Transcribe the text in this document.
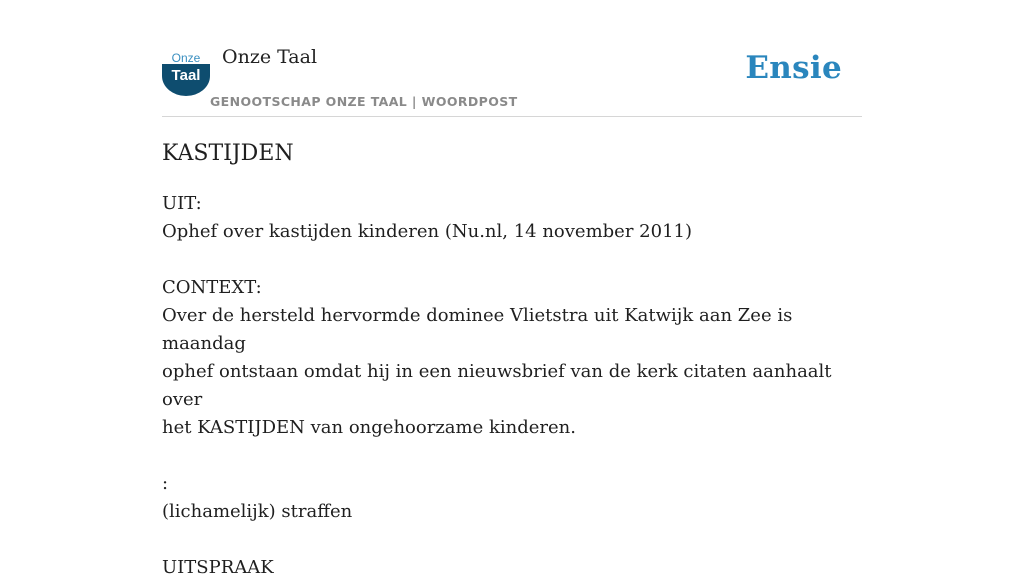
Onze
Taal
Onze Taal
GENOOTSCHAP ONZE TAAL | WOORDPOST
Ensie
KASTIJDEN

UIT:

Ophef over kastijden kinderen (Nu.nl, 14 november 2011)

CONTEXT:

Over de hersteld hervormde dominee Vlietstra uit Katwijk aan Zee is maandag

ophef ontstaan omdat hij in een nieuwsbrief van de kerk citaten aanhaalt over

het KASTIJDEN van ongehoorzame kinderen.

:

(lichamelijk) straffen

UITSPRAAK
